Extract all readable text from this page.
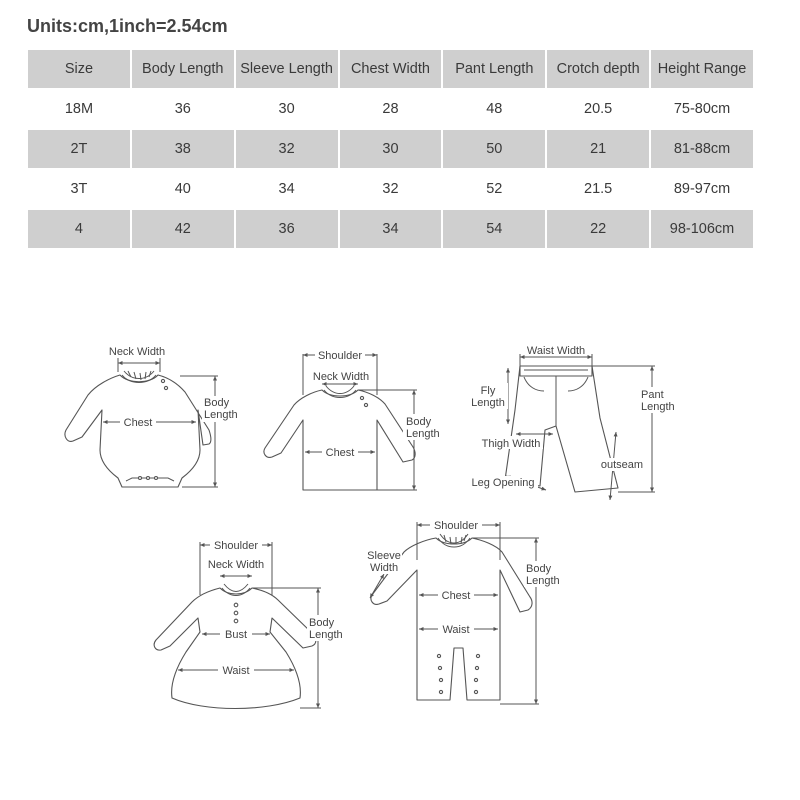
Units:cm,1inch=2.54cm
Size	Body Length	Sleeve Length	Chest Width	Pant Length	Crotch depth	Height Range
18M	36	30	28	48	20.5	75-80cm
2T	38	32	30	50	21	81-88cm
3T	40	34	32	52	21.5	89-97cm
4	42	36	34	54	22	98-106cm
Neck Width
Chest
Body
Length
Shoulder
Neck Width
Chest
Body
Length
Waist Width
Fly
Length
Pant
Length
Thigh Width
outseam
Leg Opening
Shoulder
Neck Width
Bust
Waist
Body
Length
Shoulder
Sleeve
Width
Chest
Waist
Body
Length
